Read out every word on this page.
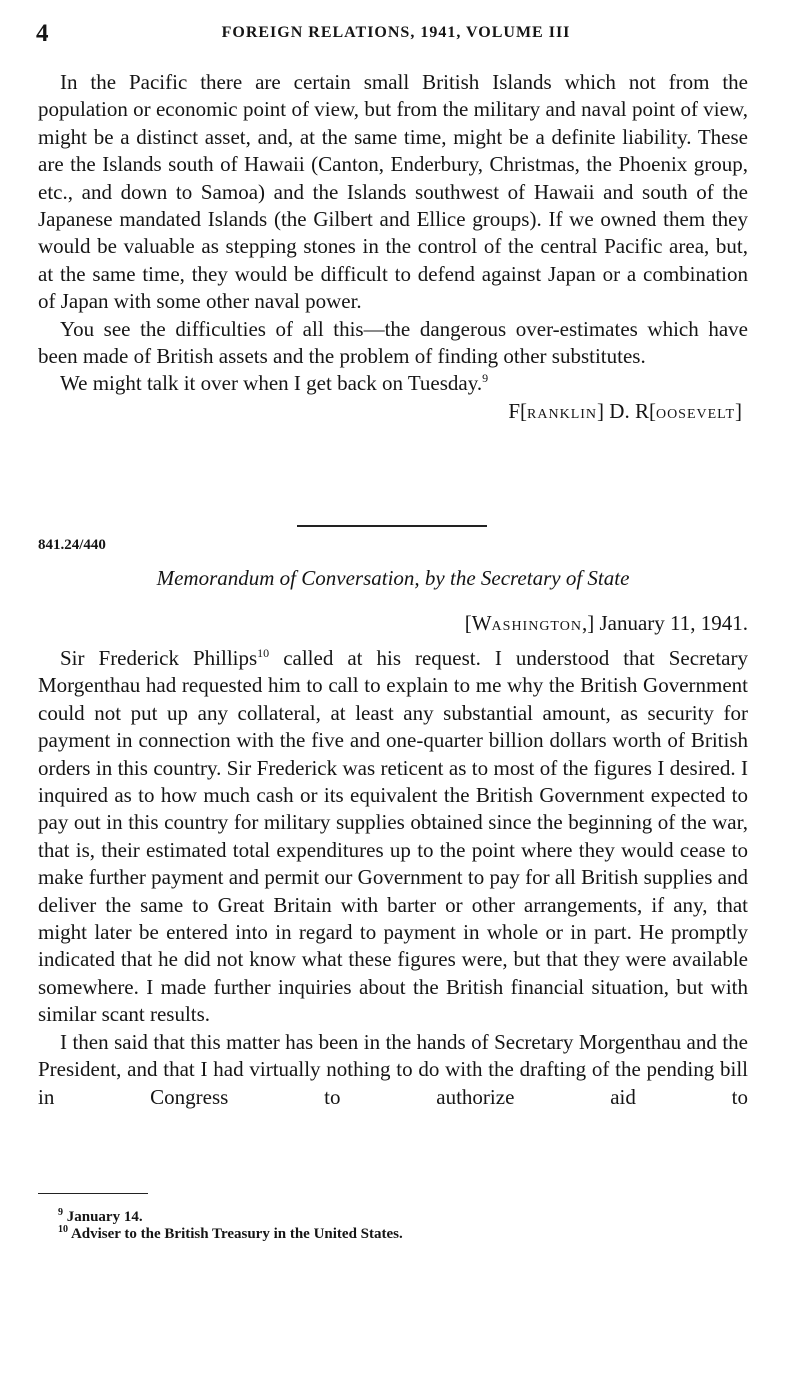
4	FOREIGN RELATIONS, 1941, VOLUME III

In the Pacific there are certain small British Islands which not from the population or economic point of view, but from the military and naval point of view, might be a distinct asset, and, at the same time, might be a definite liability. These are the Islands south of Hawaii (Canton, Enderbury, Christmas, the Phoenix group, etc., and down to Samoa) and the Islands southwest of Hawaii and south of the Japanese mandated Islands (the Gilbert and Ellice groups). If we owned them they would be valuable as stepping stones in the control of the central Pacific area, but, at the same time, they would be difficult to defend against Japan or a combination of Japan with some other naval power.

You see the difficulties of all this—the dangerous over-estimates which have been made of British assets and the problem of finding other substitutes.

We might talk it over when I get back on Tuesday.$^9$

F[RANKLIN] D. R[OOSEVELT]

841.24/440
Memorandum of Conversation, by the Secretary of State
[WASHINGTON,] January 11, 1941.

Sir Frederick Phillips$^{10}$ called at his request. I understood that Secretary Morgenthau had requested him to call to explain to me why the British Government could not put up any collateral, at least any substantial amount, as security for payment in connection with the five and one-quarter billion dollars worth of British orders in this country. Sir Frederick was reticent as to most of the figures I desired. I inquired as to how much cash or its equivalent the British Government expected to pay out in this country for military supplies obtained since the beginning of the war, that is, their estimated total expenditures up to the point where they would cease to make further payment and permit our Government to pay for all British supplies and deliver the same to Great Britain with barter or other arrangements, if any, that might later be entered into in regard to payment in whole or in part. He promptly indicated that he did not know what these figures were, but that they were available somewhere. I made further inquiries about the British financial situation, but with similar scant results.

I then said that this matter has been in the hands of Secretary Morgenthau and the President, and that I had virtually nothing to do with the drafting of the pending bill in Congress to authorize aid to

$^9$ January 14.
$^{10}$ Adviser to the British Treasury in the United States.
